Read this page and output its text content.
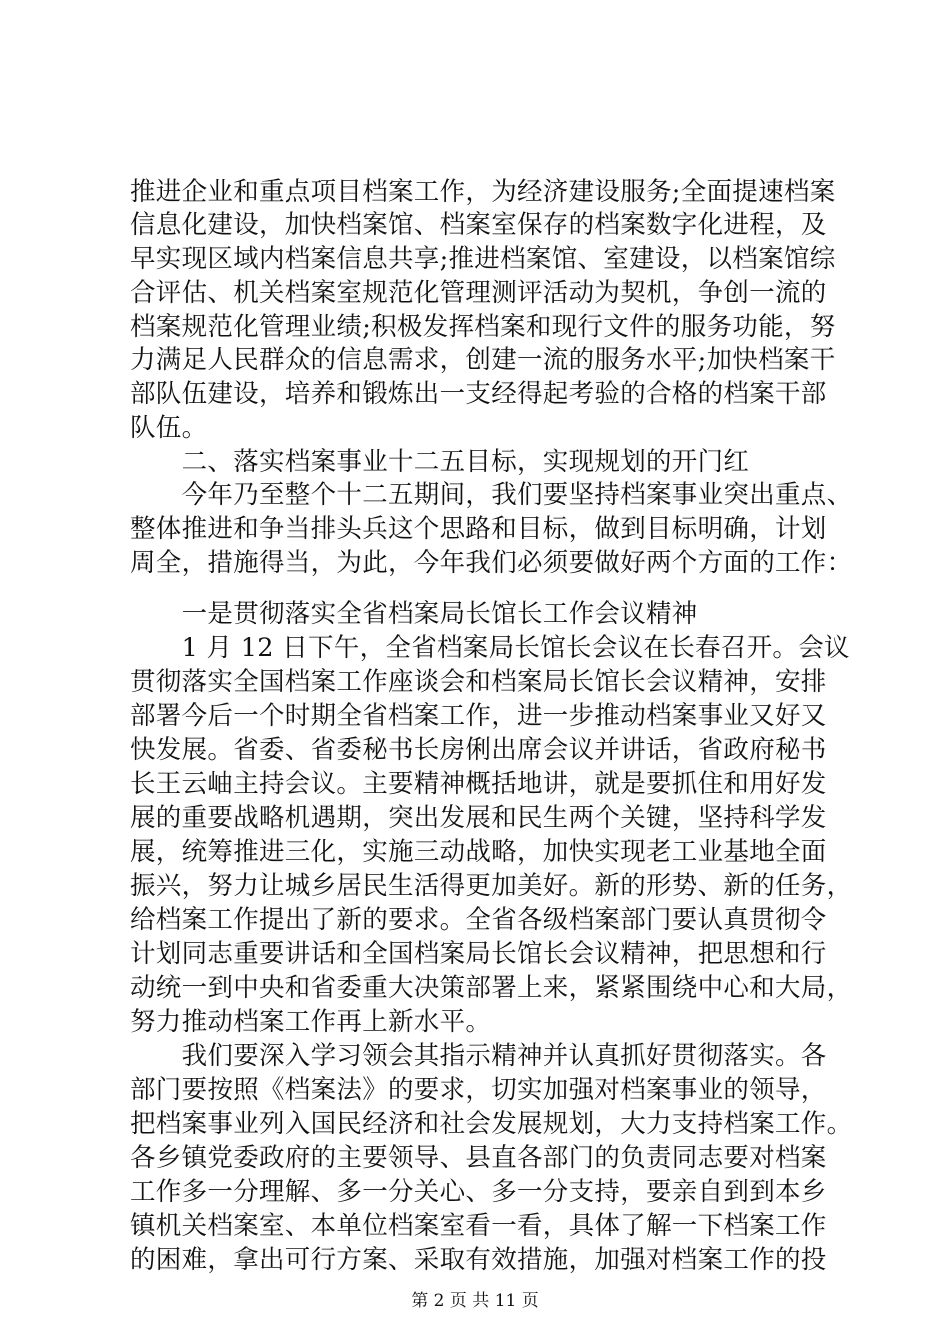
推进企业和重点项目档案工作，为经济建设服务;全面提速档案
信息化建设，加快档案馆、档案室保存的档案数字化进程，及
早实现区域内档案信息共享;推进档案馆、室建设，以档案馆综
合评估、机关档案室规范化管理测评活动为契机，争创一流的
档案规范化管理业绩;积极发挥档案和现行文件的服务功能，努
力满足人民群众的信息需求，创建一流的服务水平;加快档案干
部队伍建设，培养和锻炼出一支经得起考验的合格的档案干部
队伍。
　　二、落实档案事业十二五目标，实现规划的开门红
　　今年乃至整个十二五期间，我们要坚持档案事业突出重点、
整体推进和争当排头兵这个思路和目标，做到目标明确，计划
周全，措施得当，为此，今年我们必须要做好两个方面的工作：
　　一是贯彻落实全省档案局长馆长工作会议精神
　　1 月 12 日下午，全省档案局长馆长会议在长春召开。会议
贯彻落实全国档案工作座谈会和档案局长馆长会议精神，安排
部署今后一个时期全省档案工作，进一步推动档案事业又好又
快发展。省委、省委秘书长房俐出席会议并讲话，省政府秘书
长王云岫主持会议。主要精神概括地讲，就是要抓住和用好发
展的重要战略机遇期，突出发展和民生两个关键，坚持科学发
展，统筹推进三化，实施三动战略，加快实现老工业基地全面
振兴，努力让城乡居民生活得更加美好。新的形势、新的任务，
给档案工作提出了新的要求。全省各级档案部门要认真贯彻令
计划同志重要讲话和全国档案局长馆长会议精神，把思想和行
动统一到中央和省委重大决策部署上来，紧紧围绕中心和大局，
努力推动档案工作再上新水平。
　　我们要深入学习领会其指示精神并认真抓好贯彻落实。各
部门要按照《档案法》的要求，切实加强对档案事业的领导，
把档案事业列入国民经济和社会发展规划，大力支持档案工作。
各乡镇党委政府的主要领导、县直各部门的负责同志要对档案
工作多一分理解、多一分关心、多一分支持，要亲自到到本乡
镇机关档案室、本单位档案室看一看，具体了解一下档案工作
的困难，拿出可行方案、采取有效措施，加强对档案工作的投
第 2 页 共 11 页
